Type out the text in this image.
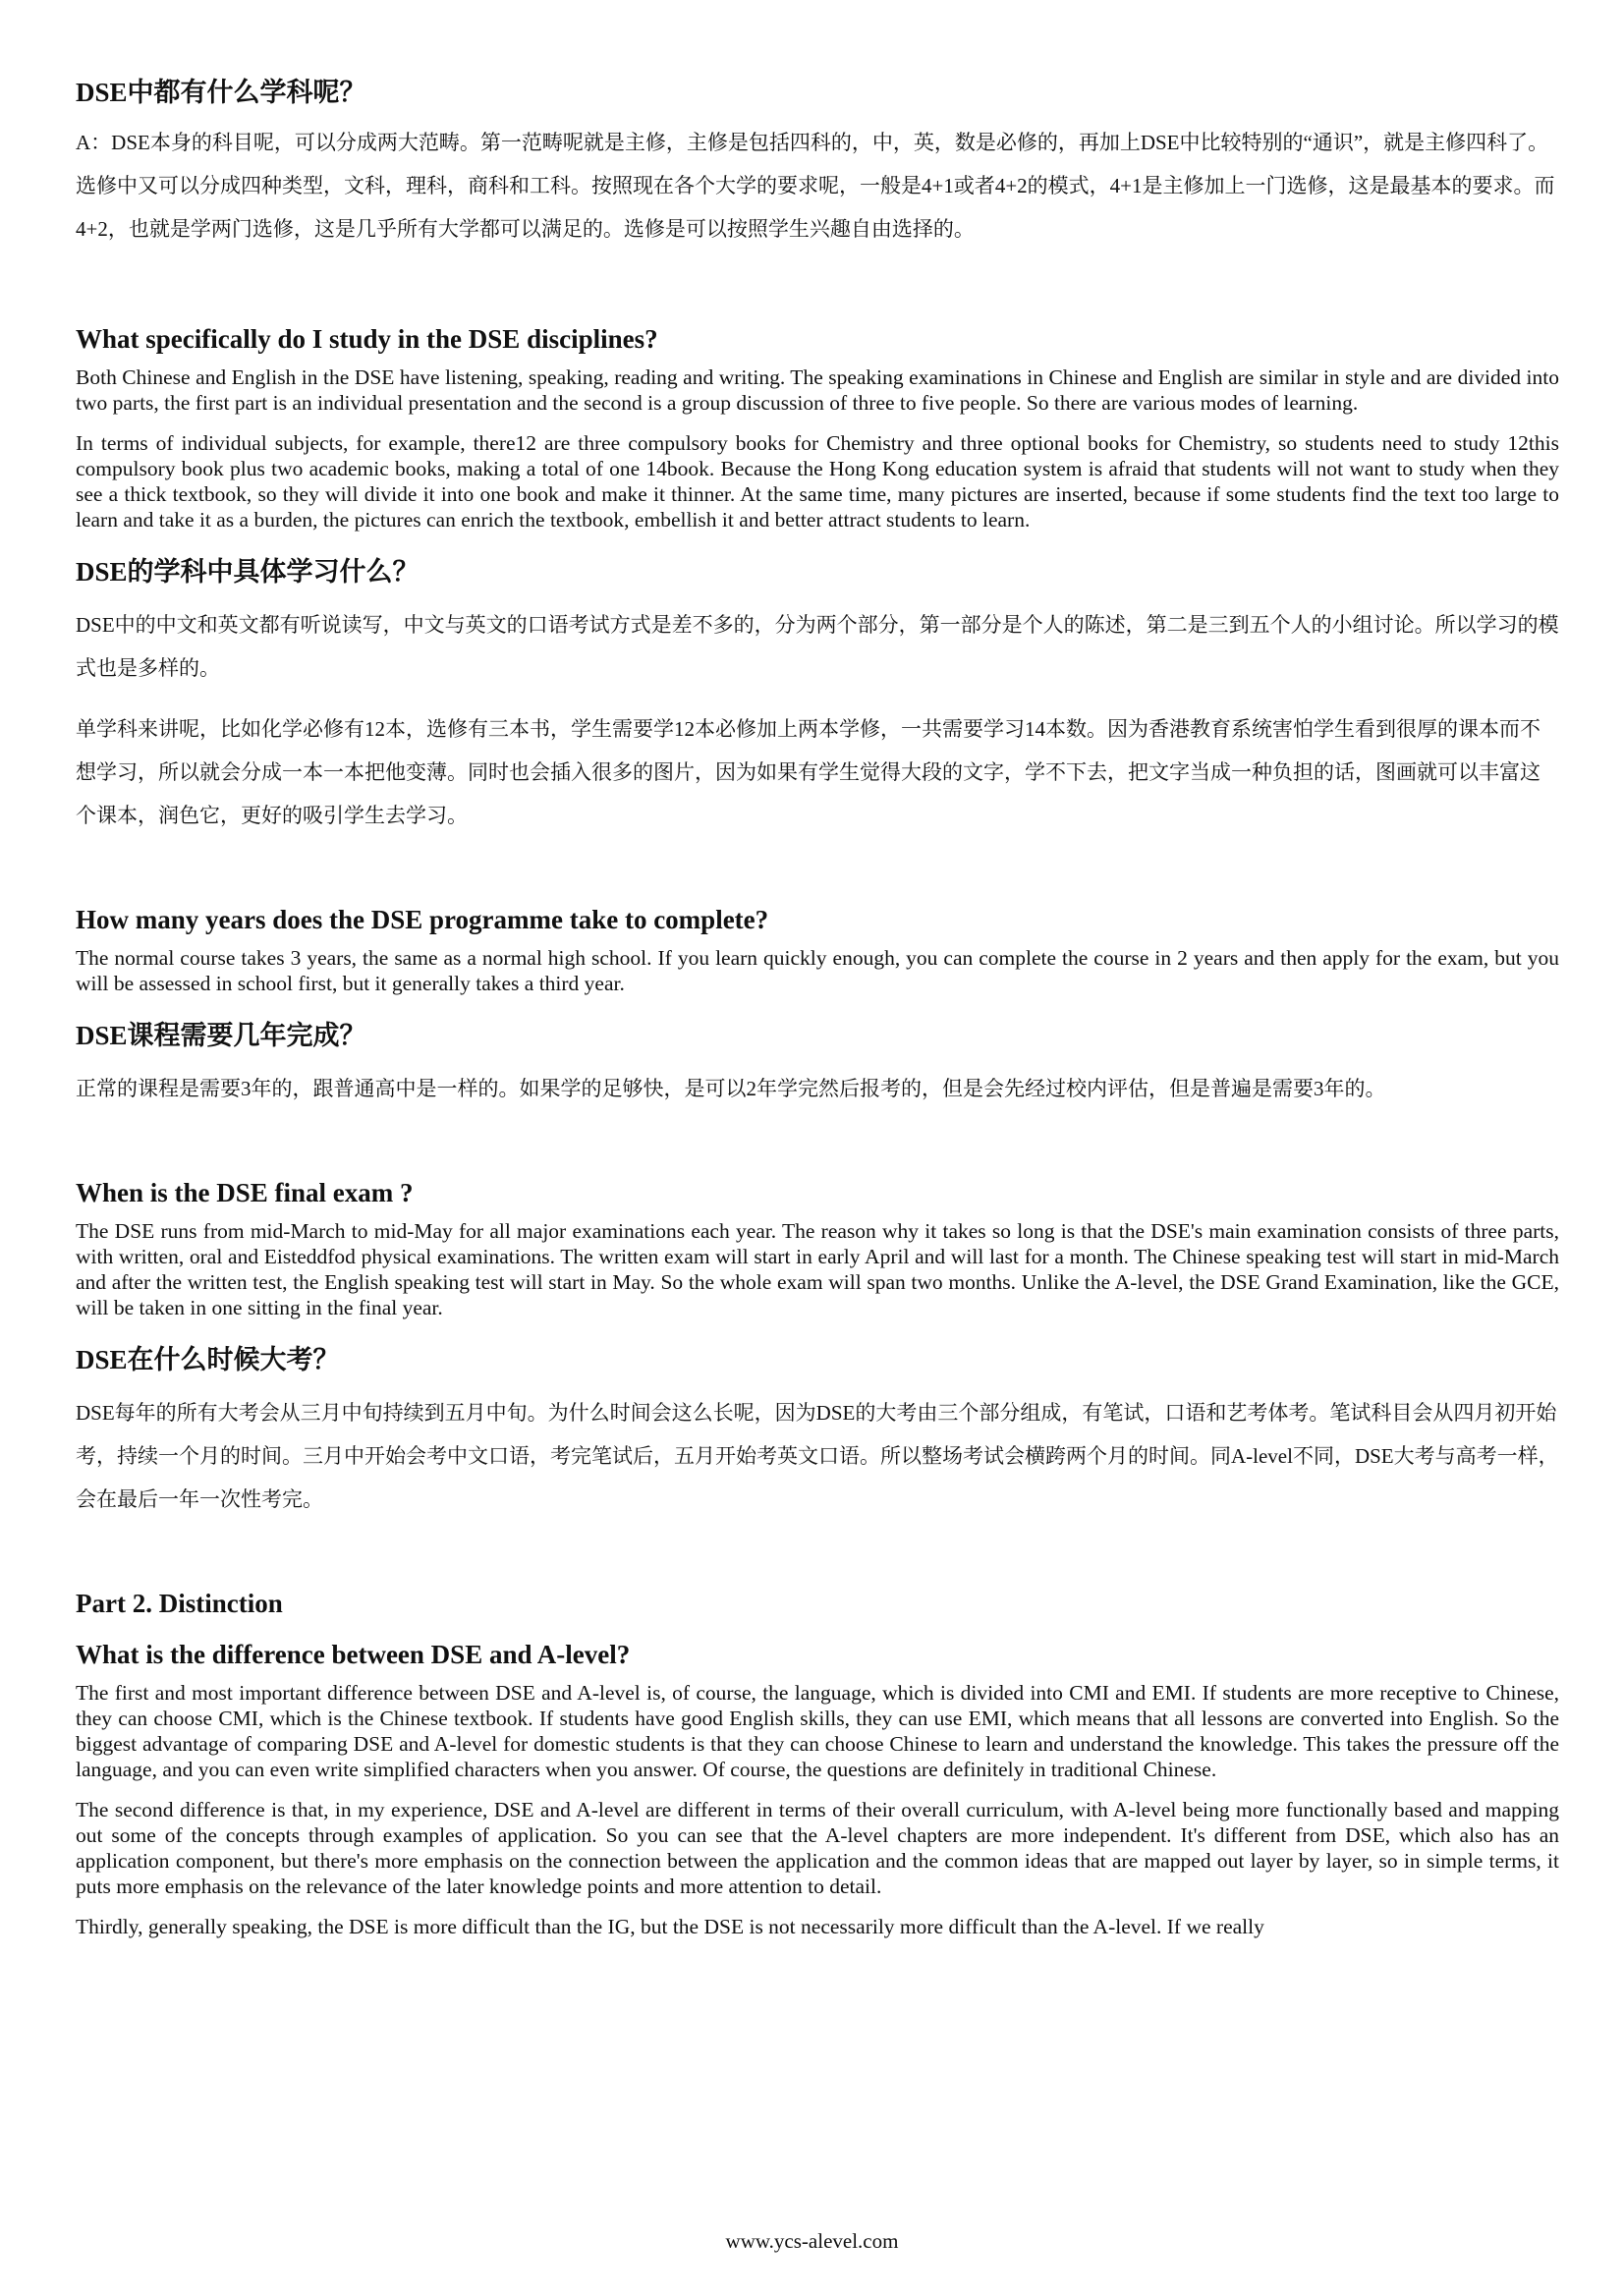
DSE中都有什么学科呢？

A：DSE本身的科目呢，可以分成两大范畴。第一范畴呢就是主修，主修是包括四科的，中，英，数是必修的，再加上DSE中比较特别的“通识”，就是主修四科了。选修中又可以分成四种类型，文科，理科，商科和工科。按照现在各个大学的要求呢，一般是4+1或者4+2的模式，4+1是主修加上一门选修，这是最基本的要求。而4+2，也就是学两门选修，这是几乎所有大学都可以满足的。选修是可以按照学生兴趣自由选择的。

What specifically do I study in the DSE disciplines?

Both Chinese and English in the DSE have listening, speaking, reading and writing. The speaking examinations in Chinese and English are similar in style and are divided into two parts, the first part is an individual presentation and the second is a group discussion of three to five people. So there are various modes of learning.

In terms of individual subjects, for example, there12 are three compulsory books for Chemistry and three optional books for Chemistry, so students need to study 12this compulsory book plus two academic books, making a total of one 14book. Because the Hong Kong education system is afraid that students will not want to study when they see a thick textbook, so they will divide it into one book and make it thinner. At the same time, many pictures are inserted, because if some students find the text too large to learn and take it as a burden, the pictures can enrich the textbook, embellish it and better attract students to learn.

DSE的学科中具体学习什么？

DSE中的中文和英文都有听说读写，中文与英文的口语考试方式是差不多的，分为两个部分，第一部分是个人的陈述，第二是三到五个人的小组讨论。所以学习的模式也是多样的。

单学科来讲呢，比如化学必修有12本，选修有三本书，学生需要学12本必修加上两本学修，一共需要学习14本数。因为香港教育系统害怕学生看到很厚的课本而不想学习，所以就会分成一本一本把他变薄。同时也会插入很多的图片，因为如果有学生觉得大段的文字，学不下去，把文字当成一种负担的话，图画就可以丰富这个课本，润色它，更好的吸引学生去学习。

How many years does the DSE programme take to complete?

The normal course takes 3 years, the same as a normal high school. If you learn quickly enough, you can complete the course in 2 years and then apply for the exam, but you will be assessed in school first, but it generally takes a third year.

DSE课程需要几年完成？

正常的课程是需要3年的，跟普通高中是一样的。如果学的足够快，是可以2年学完然后报考的，但是会先经过校内评估，但是普遍是需要3年的。

When is the DSE final exam ?

The DSE runs from mid-March to mid-May for all major examinations each year. The reason why it takes so long is that the DSE's main examination consists of three parts, with written, oral and Eisteddfod physical examinations. The written exam will start in early April and will last for a month. The Chinese speaking test will start in mid-March and after the written test, the English speaking test will start in May. So the whole exam will span two months. Unlike the A-level, the DSE Grand Examination, like the GCE, will be taken in one sitting in the final year.

DSE在什么时候大考？

DSE每年的所有大考会从三月中旬持续到五月中旬。为什么时间会这么长呢，因为DSE的大考由三个部分组成，有笔试，口语和艺考体考。笔试科目会从四月初开始考，持续一个月的时间。三月中开始会考中文口语，考完笔试后，五月开始考英文口语。所以整场考试会横跨两个月的时间。同A-level不同，DSE大考与高考一样，会在最后一年一次性考完。

Part 2. Distinction
What is the difference between DSE and A-level?

The first and most important difference between DSE and A-level is, of course, the language, which is divided into CMI and EMI. If students are more receptive to Chinese, they can choose CMI, which is the Chinese textbook. If students have good English skills, they can use EMI, which means that all lessons are converted into English. So the biggest advantage of comparing DSE and A-level for domestic students is that they can choose Chinese to learn and understand the knowledge. This takes the pressure off the language, and you can even write simplified characters when you answer. Of course, the questions are definitely in traditional Chinese.

The second difference is that, in my experience, DSE and A-level are different in terms of their overall curriculum, with A-level being more functionally based and mapping out some of the concepts through examples of application. So you can see that the A-level chapters are more independent. It's different from DSE, which also has an application component, but there's more emphasis on the connection between the application and the common ideas that are mapped out layer by layer, so in simple terms, it puts more emphasis on the relevance of the later knowledge points and more attention to detail.

Thirdly, generally speaking, the DSE is more difficult than the IG, but the DSE is not necessarily more difficult than the A-level. If we really

www.ycs-alevel.com
